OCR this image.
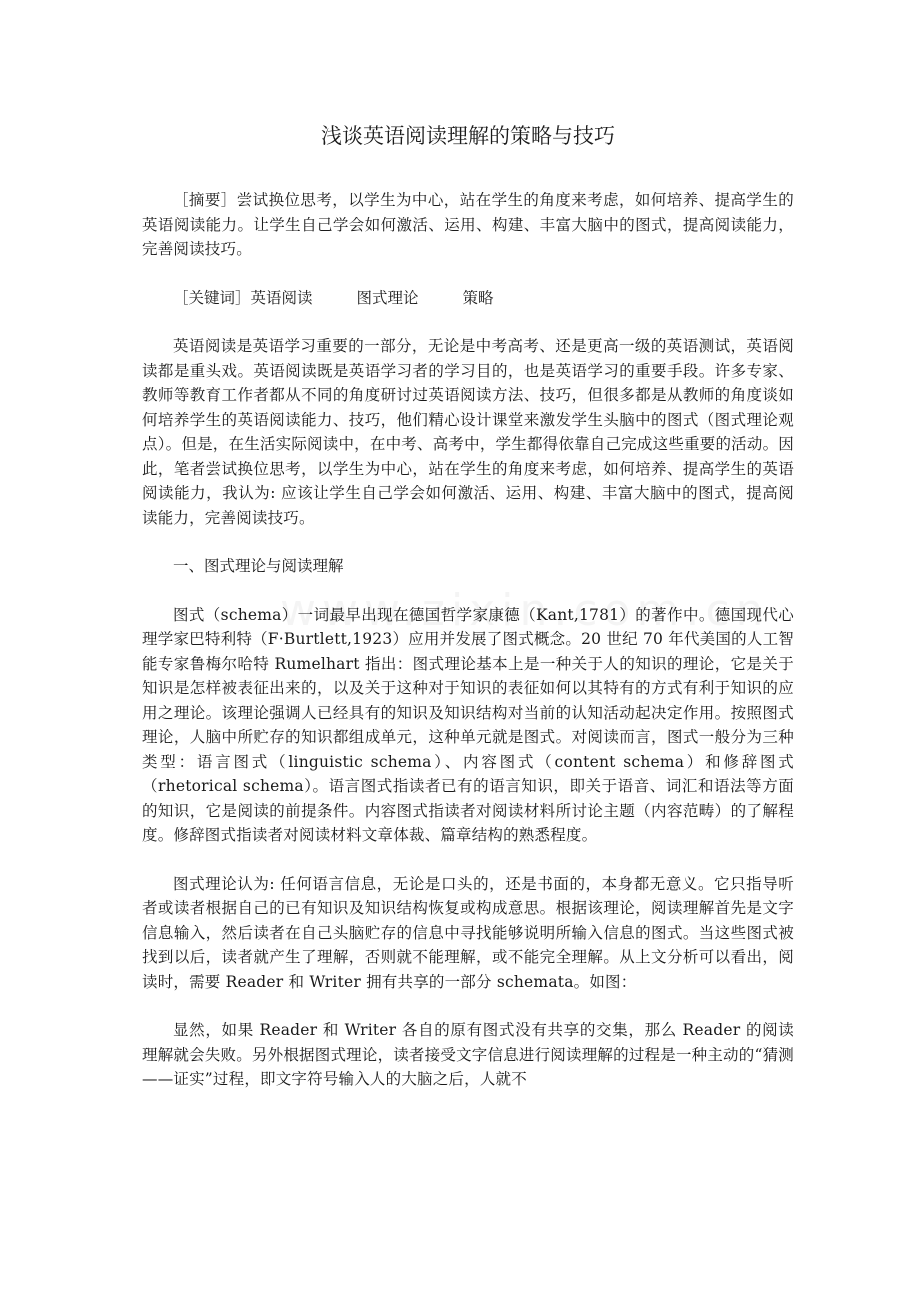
浅谈英语阅读理解的策略与技巧

［摘要］尝试换位思考，以学生为中心，站在学生的角度来考虑，如何培养、提高学生的英语阅读能力。让学生自己学会如何激活、运用、构建、丰富大脑中的图式，提高阅读能力，完善阅读技巧。

［关键词］英语阅读	图式理论	策略

英语阅读是英语学习重要的一部分，无论是中考高考、还是更高一级的英语测试，英语阅读都是重头戏。英语阅读既是英语学习者的学习目的，也是英语学习的重要手段。许多专家、教师等教育工作者都从不同的角度研讨过英语阅读方法、技巧，但很多都是从教师的角度谈如何培养学生的英语阅读能力、技巧，他们精心设计课堂来激发学生头脑中的图式（图式理论观点）。但是，在生活实际阅读中，在中考、高考中，学生都得依靠自己完成这些重要的活动。因此，笔者尝试换位思考，以学生为中心，站在学生的角度来考虑，如何培养、提高学生的英语阅读能力，我认为: 应该让学生自己学会如何激活、运用、构建、丰富大脑中的图式，提高阅读能力，完善阅读技巧。

一、图式理论与阅读理解

图式（schema）一词最早出现在德国哲学家康德（Kant,1781）的著作中。德国现代心理学家巴特利特（F·Burtlett,1923）应用并发展了图式概念。20 世纪 70 年代美国的人工智能专家鲁梅尔哈特 Rumelhart 指出：图式理论基本上是一种关于人的知识的理论，它是关于知识是怎样被表征出来的，以及关于这种对于知识的表征如何以其特有的方式有利于知识的应用之理论。该理论强调人已经具有的知识及知识结构对当前的认知活动起决定作用。按照图式理论，人脑中所贮存的知识都组成单元，这种单元就是图式。对阅读而言，图式一般分为三种类型：语言图式（linguistic schema）、内容图式（content schema）和修辞图式（rhetorical schema）。语言图式指读者已有的语言知识，即关于语音、词汇和语法等方面的知识，它是阅读的前提条件。内容图式指读者对阅读材料所讨论主题（内容范畴）的了解程度。修辞图式指读者对阅读材料文章体裁、篇章结构的熟悉程度。

图式理论认为: 任何语言信息，无论是口头的，还是书面的，本身都无意义。它只指导听者或读者根据自己的已有知识及知识结构恢复或构成意思。根据该理论，阅读理解首先是文字信息输入，然后读者在自己头脑贮存的信息中寻找能够说明所输入信息的图式。当这些图式被找到以后，读者就产生了理解，否则就不能理解，或不能完全理解。从上文分析可以看出，阅读时，需要 Reader 和 Writer 拥有共享的一部分 schemata。如图：

显然，如果 Reader 和 Writer 各自的原有图式没有共享的交集，那么 Reader 的阅读理解就会失败。另外根据图式理论，读者接受文字信息进行阅读理解的过程是一种主动的“猜测——证实”过程，即文字符号输入人的大脑之后，人就不
